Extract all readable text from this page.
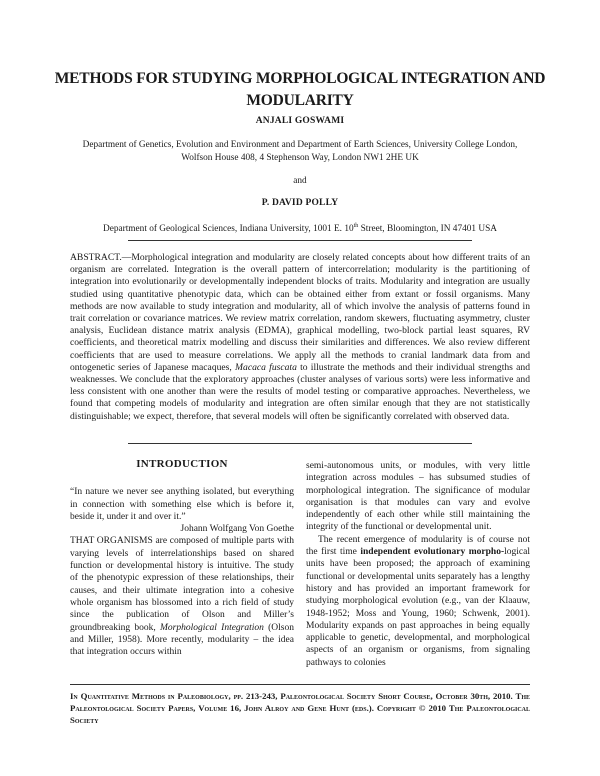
METHODS FOR STUDYING MORPHOLOGICAL INTEGRATION AND MODULARITY
ANJALI GOSWAMI
Department of Genetics, Evolution and Environment and Department of Earth Sciences, University College London,
Wolfson House 408, 4 Stephenson Way, London NW1 2HE UK
and
P. DAVID POLLY
Department of Geological Sciences, Indiana University, 1001 E. 10th Street, Bloomington, IN 47401 USA
ABSTRACT.—Morphological integration and modularity are closely related concepts about how different traits of an organism are correlated. Integration is the overall pattern of intercorrelation; modularity is the partitioning of integration into evolutionarily or developmentally independent blocks of traits. Modularity and integration are usually studied using quantitative phenotypic data, which can be obtained either from extant or fossil organisms. Many methods are now available to study integration and modularity, all of which involve the analysis of patterns found in trait correlation or covariance matrices. We review matrix correlation, random skewers, fluctuating asymmetry, cluster analysis, Euclidean distance matrix analysis (EDMA), graphical modelling, two-block partial least squares, RV coefficients, and theoretical matrix modelling and discuss their similarities and differences. We also review different coefficients that are used to measure correlations. We apply all the methods to cranial landmark data from and ontogenetic series of Japanese macaques, Macaca fuscata to illustrate the methods and their individual strengths and weaknesses. We conclude that the exploratory approaches (cluster analyses of various sorts) were less informative and less consistent with one another than were the results of model testing or comparative approaches. Nevertheless, we found that competing models of modularity and integration are often similar enough that they are not statistically distinguishable; we expect, therefore, that several models will often be significantly correlated with observed data.
INTRODUCTION

“In nature we never see anything isolated, but everything in connection with something else which is before it, beside it, under it and over it.”

Johann Wolfgang Von Goethe

THAT ORGANISMS are composed of multiple parts with varying levels of interrelationships based on shared function or developmental history is intuitive. The study of the phenotypic expression of these relationships, their causes, and their ultimate integration into a cohesive whole organism has blossomed into a rich field of study since the publication of Olson and Miller’s groundbreaking book, Morphological Integration (Olson and Miller, 1958). More recently, modularity – the idea that integration occurs within

semi-autonomous units, or modules, with very little integration across modules – has subsumed studies of morphological integration. The significance of modular organisation is that modules can vary and evolve independently of each other while still maintaining the integrity of the functional or developmental unit.

The recent emergence of modularity is of course not the first time independent evolutionary morpho-logical units have been proposed; the approach of examining functional or developmental units separately has a lengthy history and has provided an important framework for studying morphological evolution (e.g., van der Klaauw, 1948-1952; Moss and Young, 1960; Schwenk, 2001). Modularity expands on past approaches in being equally applicable to genetic, developmental, and morphological aspects of an organism or organisms, from signaling pathways to colonies

In Quantitative Methods in Paleobiology, pp. 213-243, Paleontological Society Short Course, October 30th, 2010. The Paleontological Society Papers, Volume 16, John Alroy and Gene Hunt (eds.). Copyright © 2010 The Paleontological Society
